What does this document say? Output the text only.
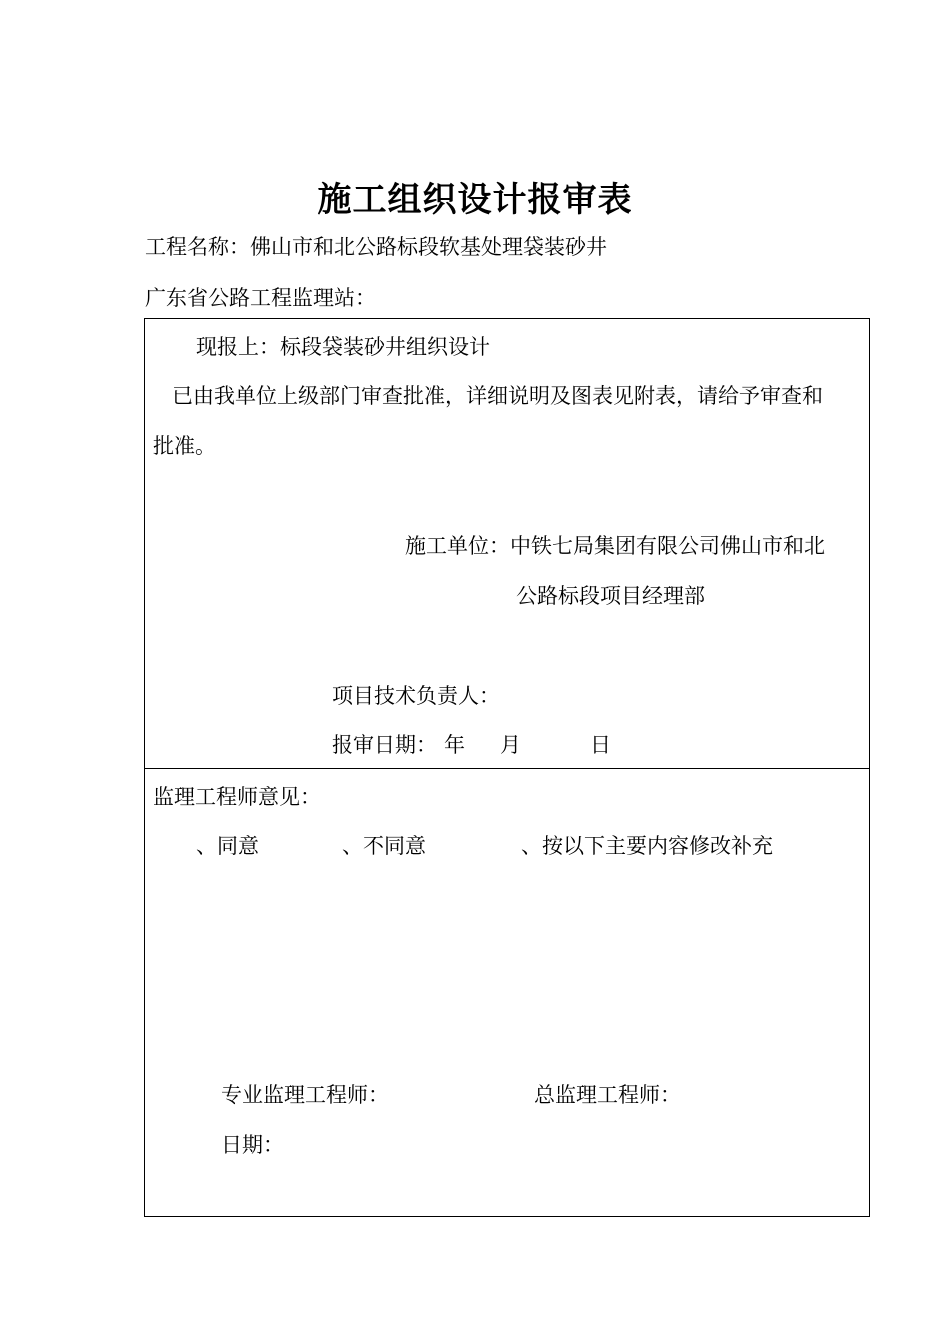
施工组织设计报审表
工程名称：佛山市和北公路标段软基处理袋装砂井
广东省公路工程监理站：
现报上：标段袋装砂井组织设计
已由我单位上级部门审查批准，详细说明及图表见附表，请给予审查和
批准。
施工单位：中铁七局集团有限公司佛山市和北
公路标段项目经理部
项目技术负责人：
报审日期： 年 月	日
监理工程师意见：
、同意	、不同意	、按以下主要内容修改补充
专业监理工程师：	总监理工程师：
日期：
